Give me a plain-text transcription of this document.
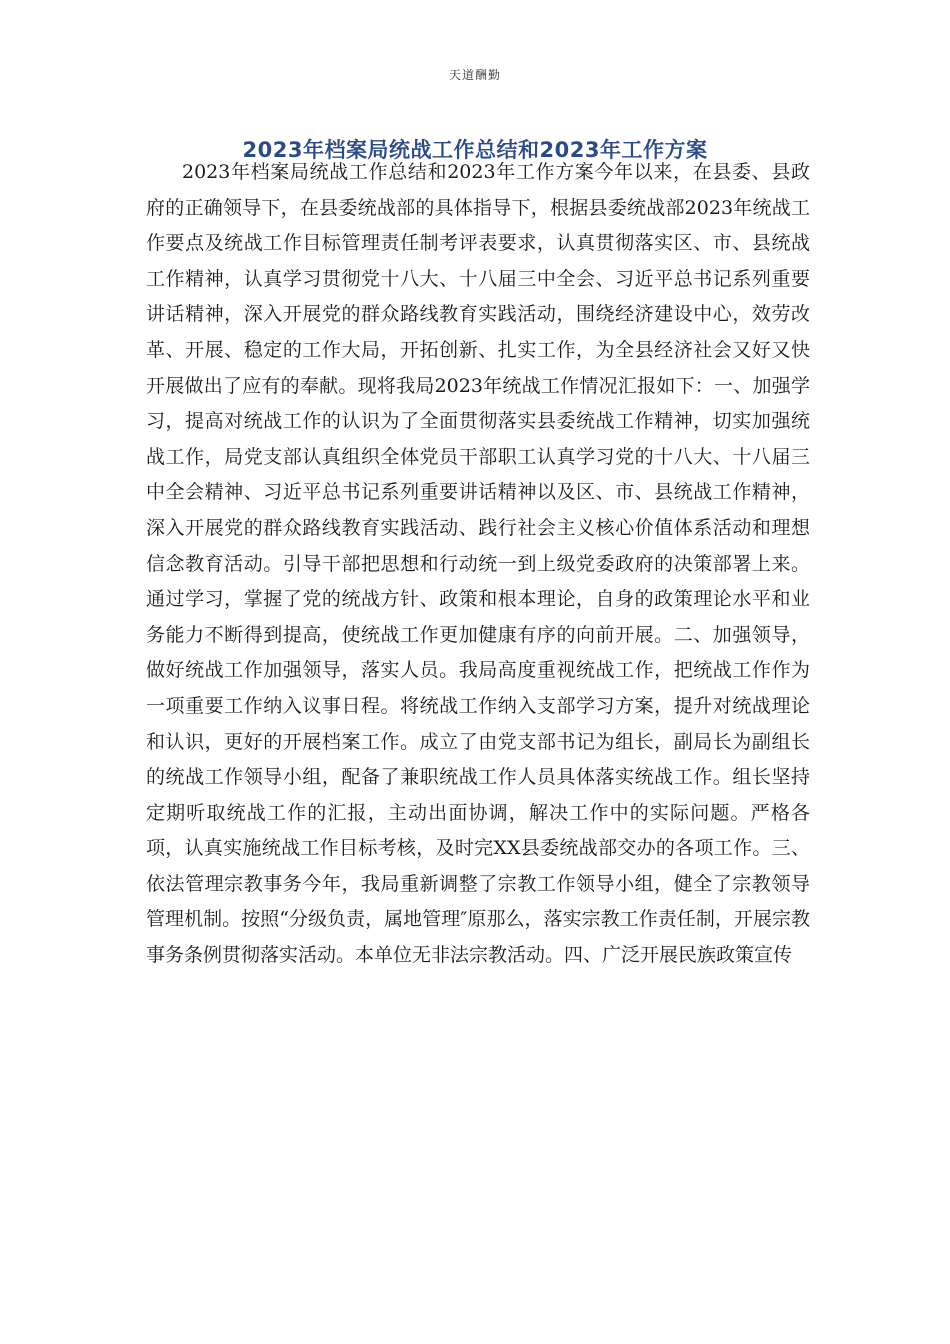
天道酬勤
2023年档案局统战工作总结和2023年工作方案

2023年档案局统战工作总结和2023年工作方案今年以来，在县委、县政府的正确领导下，在县委统战部的具体指导下，根据县委统战部2023年统战工作要点及统战工作目标管理责任制考评表要求，认真贯彻落实区、市、县统战工作精神，认真学习贯彻党十八大、十八届三中全会、习近平总书记系列重要讲话精神，深入开展党的群众路线教育实践活动，围绕经济建设中心，效劳改革、开展、稳定的工作大局，开拓创新、扎实工作，为全县经济社会又好又快开展做出了应有的奉献。现将我局2023年统战工作情况汇报如下：一、加强学习，提高对统战工作的认识为了全面贯彻落实县委统战工作精神，切实加强统战工作，局党支部认真组织全体党员干部职工认真学习党的十八大、十八届三中全会精神、习近平总书记系列重要讲话精神以及区、市、县统战工作精神，深入开展党的群众路线教育实践活动、践行社会主义核心价值体系活动和理想信念教育活动。引导干部把思想和行动统一到上级党委政府的决策部署上来。通过学习，掌握了党的统战方针、政策和根本理论，自身的政策理论水平和业务能力不断得到提高，使统战工作更加健康有序的向前开展。二、加强领导，做好统战工作加强领导，落实人员。我局高度重视统战工作，把统战工作作为一项重要工作纳入议事日程。将统战工作纳入支部学习方案，提升对统战理论和认识，更好的开展档案工作。成立了由党支部书记为组长，副局长为副组长的统战工作领导小组，配备了兼职统战工作人员具体落实统战工作。组长坚持定期听取统战工作的汇报，主动出面协调，解决工作中的实际问题。严格各项，认真实施统战工作目标考核，及时完XX县委统战部交办的各项工作。三、依法管理宗教事务今年，我局重新调整了宗教工作领导小组，健全了宗教领导管理机制。按照“分级负责，属地管理″原那么，落实宗教工作责任制，开展宗教事务条例贯彻落实活动。本单位无非法宗教活动。四、广泛开展民族政策宣传
